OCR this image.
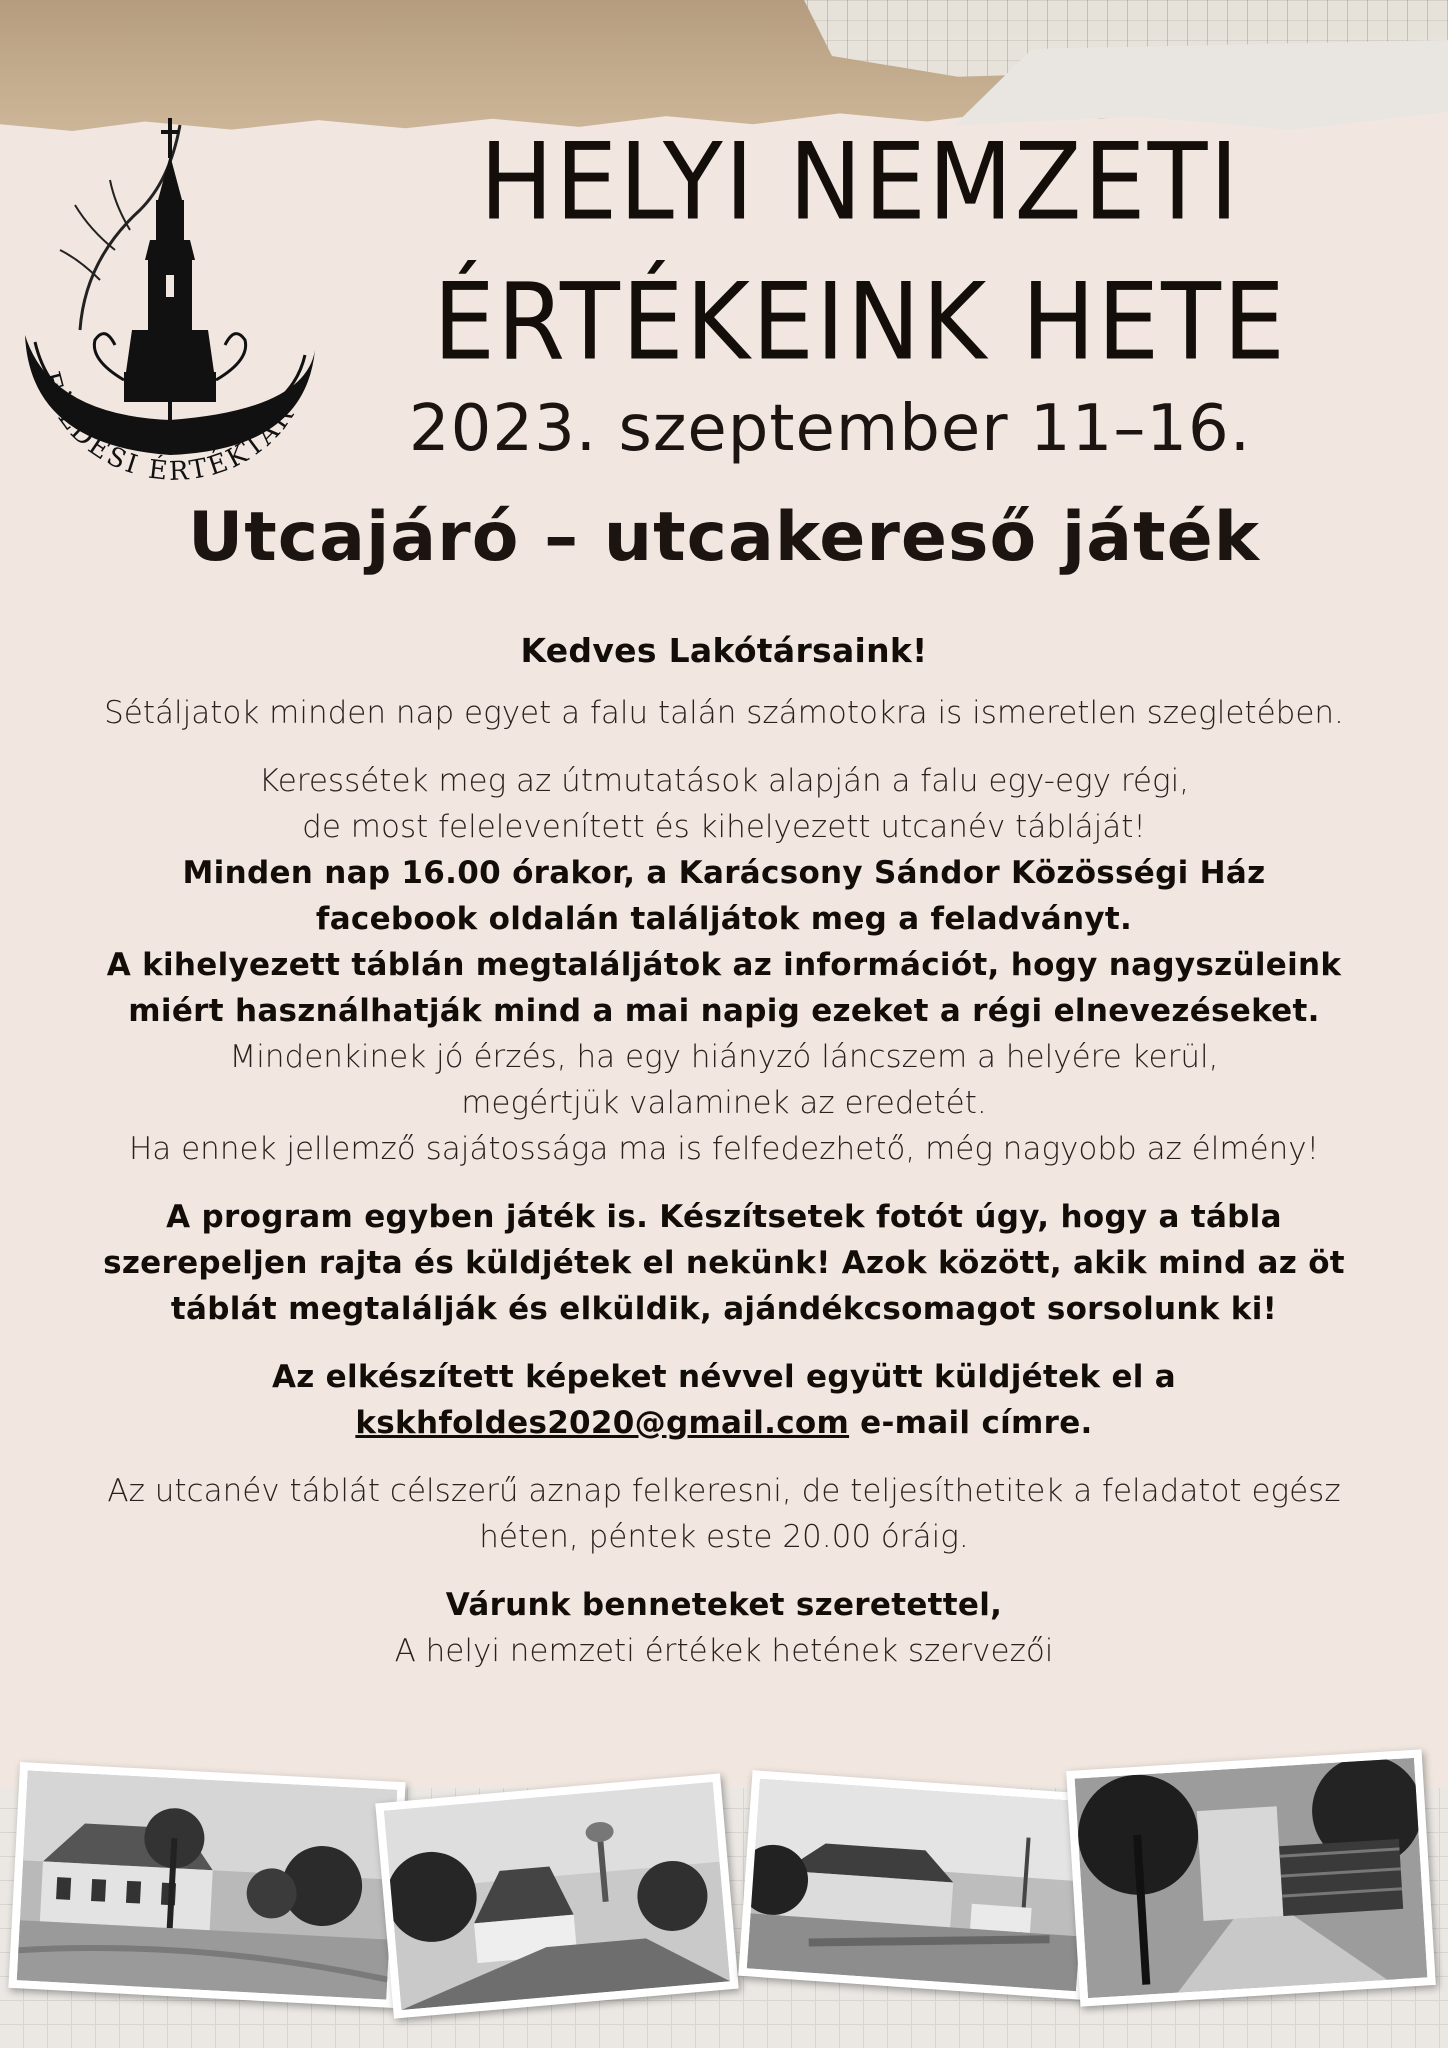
FÖLDESI ÉRTÉKTÁR
HELYI NEMZETI
ÉRTÉKEINK HETE
2023. szeptember 11–16.
Utcajáró – utcakereső játék

Kedves Lakótársaink!

Sétáljatok minden nap egyet a falu talán számotokra is ismeretlen szegletében.

Keressétek meg az útmutatások alapján a falu egy-egy régi,

de most felelevenített és kihelyezett utcanév tábláját!

Minden nap 16.00 órakor, a Karácsony Sándor Közösségi Ház

facebook oldalán találjátok meg a feladványt.

A kihelyezett táblán megtaláljátok az információt, hogy nagyszüleink

miért használhatják mind a mai napig ezeket a régi elnevezéseket.

Mindenkinek jó érzés, ha egy hiányzó láncszem a helyére kerül,

megértjük valaminek az eredetét.

Ha ennek jellemző sajátossága ma is felfedezhető, még nagyobb az élmény!

A program egyben játék is. Készítsetek fotót úgy, hogy a tábla

szerepeljen rajta és küldjétek el nekünk! Azok között, akik mind az öt

táblát megtalálják és elküldik, ajándékcsomagot sorsolunk ki!

Az elkészített képeket névvel együtt küldjétek el a

kskhfoldes2020@gmail.com e-mail címre.

Az utcanév táblát célszerű aznap felkeresni, de teljesíthetitek a feladatot egész

héten, péntek este 20.00 óráig.

Várunk benneteket szeretettel,

A helyi nemzeti értékek hetének szervezői
